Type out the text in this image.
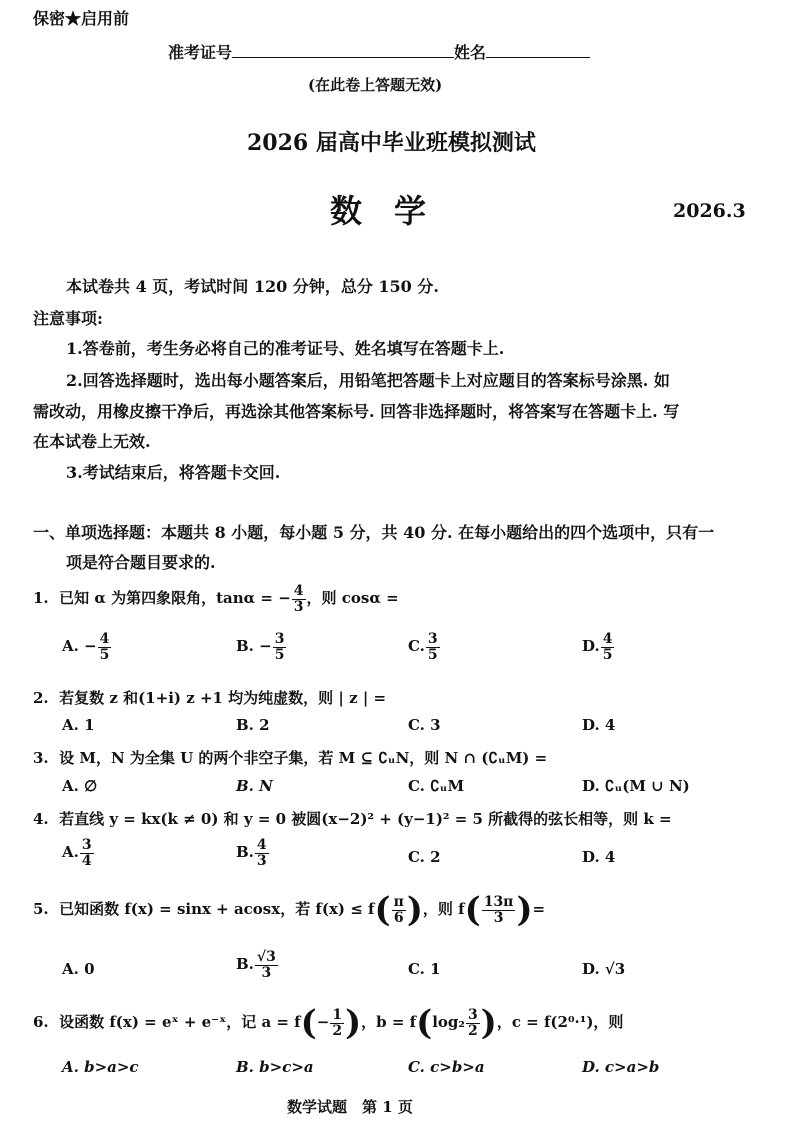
保密★启用前
准考证号	姓名
(在此卷上答题无效)
2026 届高中毕业班模拟测试
数　学	2026.3
本试卷共 4 页，考试时间 120 分钟，总分 150 分.
注意事项:
1.答卷前，考生务必将自己的准考证号、姓名填写在答题卡上.
2.回答选择题时，选出每小题答案后，用铅笔把答题卡上对应题目的答案标号涂黑. 如
需改动，用橡皮擦干净后，再选涂其他答案标号. 回答非选择题时，将答案写在答题卡上. 写
在本试卷上无效.
3.考试结束后，将答题卡交回.
一、单项选择题：本题共 8 小题，每小题 5 分，共 40 分. 在每小题给出的四个选项中，只有一
项是符合题目要求的.
1. 已知 α 为第四象限角，tanα = − $\frac{4}{3}$ ，则 cosα =
A. − $\frac{4}{5}$	B. − $\frac{3}{5}$	C. $\frac{3}{5}$	D. $\frac{4}{5}$
2. 若复数 z 和(1+i) z +1 均为纯虚数，则 | z | =
A. 1	B. 2	C. 3	D. 4
3. 设 M，N 为全集 U 的两个非空子集，若 M ⊆ ∁ᵤN，则 N ∩ (∁ᵤM) =
A. ∅	B. N	C. ∁ᵤM	D. ∁ᵤ(M ∪ N)
4. 若直线 y = kx(k ≠ 0) 和 y = 0 被圆(x−2)² + (y−1)² = 5 所截得的弦长相等，则 k =
A. $\frac{3}{4}$	B. $\frac{4}{3}$	C. 2	D. 4
5. 已知函数 f(x) = sinx + acosx，若 $f(x) \le f( \frac{\pi}{6}$ )，则 $f( \frac{13\pi}{3}$ )=
A. 0	B. $\frac{√3}{3}$	C. 1	D. √3
6. 设函数 f(x) = eˣ + e⁻ˣ，记 $a = f(- \frac{1}{2}$ )，$b = f(\log_2 \frac{3}{2}$ )，c = f(2⁰·¹)，则
A. b>a>c	B. b>c>a	C. c>b>a	D. c>a>b
数学试题　第 1 页
